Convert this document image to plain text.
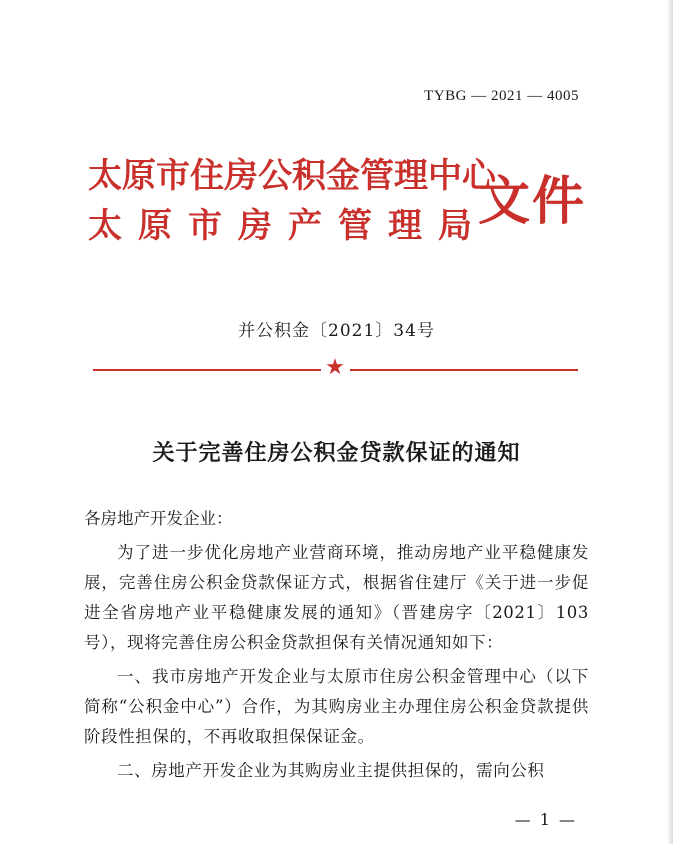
TYBG — 2021 — 4005
太原市住房公积金管理中心
太原市房产管理局
文件
并公积金〔2021〕34号
★
关于完善住房公积金贷款保证的通知

各房地产开发企业：

为了进一步优化房地产业营商环境，推动房地产业平稳健康发展，完善住房公积金贷款保证方式，根据省住建厅《关于进一步促进全省房地产业平稳健康发展的通知》（晋建房字〔2021〕103号），现将完善住房公积金贷款担保有关情况通知如下：

一、我市房地产开发企业与太原市住房公积金管理中心（以下简称“公积金中心”）合作，为其购房业主办理住房公积金贷款提供阶段性担保的，不再收取担保保证金。

二、房地产开发企业为其购房业主提供担保的，需向公积

— 1 —
